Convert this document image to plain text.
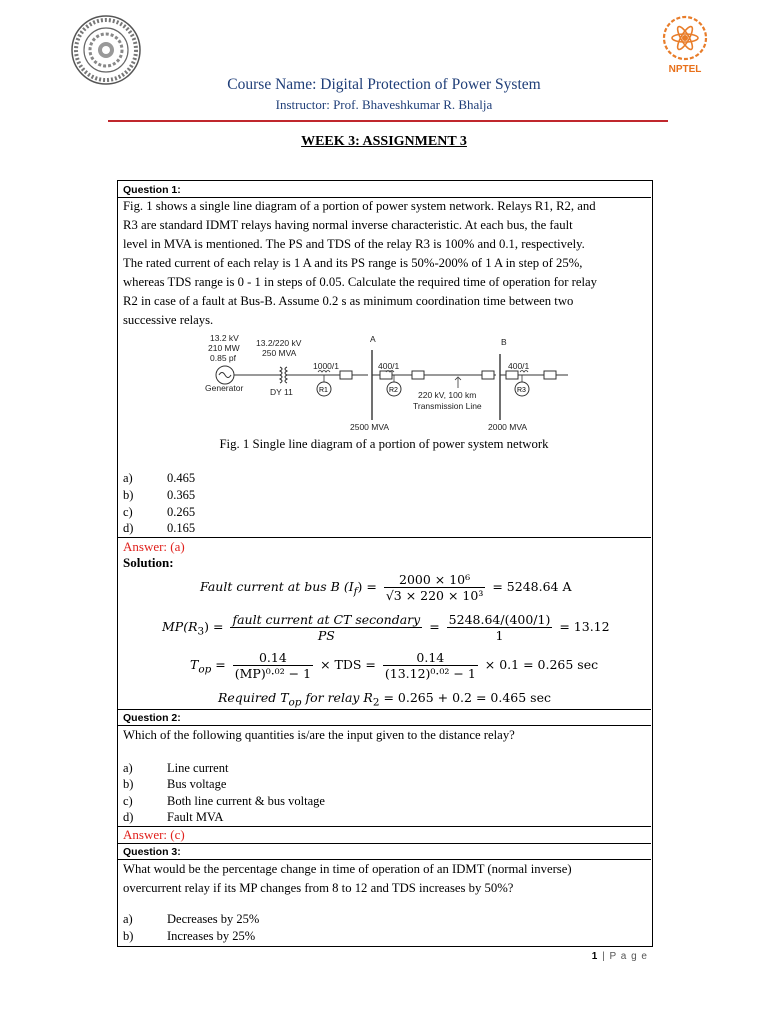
NPTEL
Course Name: Digital Protection of Power System
Instructor: Prof. Bhaveshkumar R. Bhalja
WEEK 3: ASSIGNMENT 3
Question 1:
Fig. 1 shows a single line diagram of a portion of power system network. Relays R1, R2, and
R3 are standard IDMT relays having normal inverse characteristic. At each bus, the fault
level in MVA is mentioned. The PS and TDS of the relay R3 is 100% and 0.1, respectively.
The rated current of each relay is 1 A and its PS range is 50%-200% of 1 A in step of 25%,
whereas TDS range is 0 - 1 in steps of 0.05. Calculate the required time of operation for relay
R2 in case of a fault at Bus-B. Assume 0.2 s as minimum coordination time between two
successive relays.
13.2 kV
210 MW
0.85 pf
Generator
13.2/220 kV
250 MVA
DY 11
1000/1	400/1	400/1
A	B
220 kV, 100 km
Transmission Line
2500 MVA	2000 MVA
R1	R2	R3
Fig. 1 Single line diagram of a portion of power system network
a)	0.465
b)	0.365
c)	0.265
d)	0.165
Answer: (a)
Solution:
Fault current at bus B $(I_f) = \frac{\text{2000 × 10⁶}}{\text{√3 × 220 × 10³}} = 5248.64$ A
$MP(R_3) = \frac{\text{fault current at CT secondary}}{PS} = \frac{5248.64/(400/1)}{1} = 13.12$
$T_{op} = \frac{0.14}{\text{(MP)⁰·⁰² − 1}}$ × TDS = $\frac{0.14}{\text{(13.12)⁰·⁰² − 1}} \times 0.1 = 0.265$ sec
Required $T_{op}$ for relay $R_2 = 0.265 + 0.2 = 0.465$ sec
Question 2:
Which of the following quantities is/are the input given to the distance relay?
a)	Line current
b)	Bus voltage
c)	Both line current & bus voltage
d)	Fault MVA
Answer: (c)
Question 3:
What would be the percentage change in time of operation of an IDMT (normal inverse)
overcurrent relay if its MP changes from 8 to 12 and TDS increases by 50%?
a)	Decreases by 25%
b)	Increases by 25%
1 | P a g e
